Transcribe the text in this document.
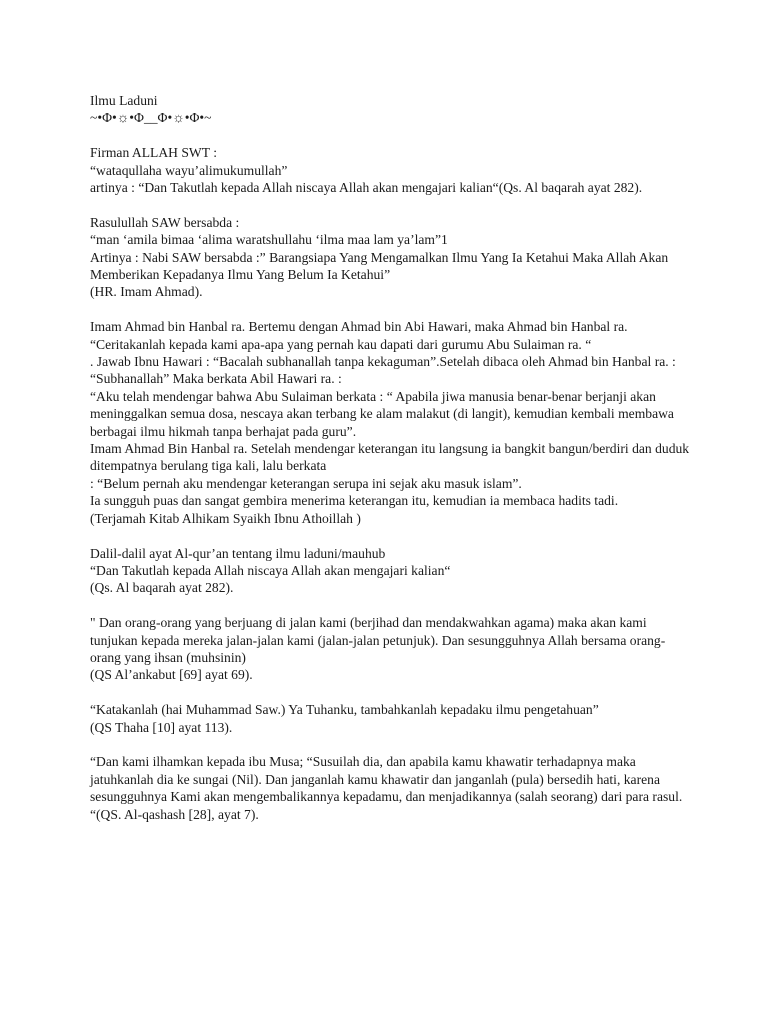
Ilmu Laduni
~•Φ•☼•Φ__Φ•☼•Φ•~
Firman ALLAH SWT :
“wataqullaha wayu’alimukumullah”
artinya : “Dan Takutlah kepada Allah niscaya Allah akan mengajari kalian“(Qs. Al baqarah ayat 282).
Rasulullah SAW bersabda :
“man ‘amila bimaa ‘alima waratshullahu ‘ilma maa lam ya’lam”1
Artinya : Nabi SAW bersabda :” Barangsiapa Yang Mengamalkan Ilmu Yang Ia Ketahui Maka Allah Akan Memberikan Kepadanya Ilmu Yang Belum Ia Ketahui”
(HR. Imam Ahmad).
Imam Ahmad bin Hanbal ra. Bertemu dengan Ahmad bin Abi Hawari, maka Ahmad bin Hanbal ra.
“Ceritakanlah kepada kami apa-apa yang pernah kau dapati dari gurumu Abu Sulaiman ra. “
. Jawab Ibnu Hawari : “Bacalah subhanallah tanpa kekaguman”.Setelah dibaca oleh Ahmad bin Hanbal ra. : “Subhanallah” Maka berkata Abil Hawari ra. :
“Aku telah mendengar bahwa Abu Sulaiman berkata : “ Apabila jiwa manusia benar-benar berjanji akan meninggalkan semua dosa, nescaya akan terbang ke alam malakut (di langit), kemudian kembali membawa berbagai ilmu hikmah tanpa berhajat pada guru”.
Imam Ahmad Bin Hanbal ra. Setelah mendengar keterangan itu langsung ia bangkit bangun/berdiri dan duduk ditempatnya berulang tiga kali, lalu berkata
: “Belum pernah aku mendengar keterangan serupa ini sejak aku masuk islam”.
Ia sungguh puas dan sangat gembira menerima keterangan itu, kemudian ia membaca hadits tadi.
(Terjamah Kitab Alhikam Syaikh Ibnu Athoillah )
Dalil-dalil ayat Al-qur’an tentang ilmu laduni/mauhub
“Dan Takutlah kepada Allah niscaya Allah akan mengajari kalian“
(Qs. Al baqarah ayat 282).
" Dan orang-orang yang berjuang di jalan kami (berjihad dan mendakwahkan agama) maka akan kami tunjukan kepada mereka jalan-jalan kami (jalan-jalan petunjuk). Dan sesungguhnya Allah bersama orang-orang yang ihsan (muhsinin)
(QS Al’ankabut [69] ayat 69).
“Katakanlah (hai Muhammad Saw.) Ya Tuhanku, tambahkanlah kepadaku ilmu pengetahuan”
(QS Thaha [10] ayat 113).
“Dan kami ilhamkan kepada ibu Musa; “Susuilah dia, dan apabila kamu khawatir terhadapnya maka jatuhkanlah dia ke sungai (Nil). Dan janganlah kamu khawatir dan janganlah (pula) bersedih hati, karena sesungguhnya Kami akan mengembalikannya kepadamu, dan menjadikannya (salah seorang) dari para rasul. “(QS. Al-qashash [28], ayat 7).
